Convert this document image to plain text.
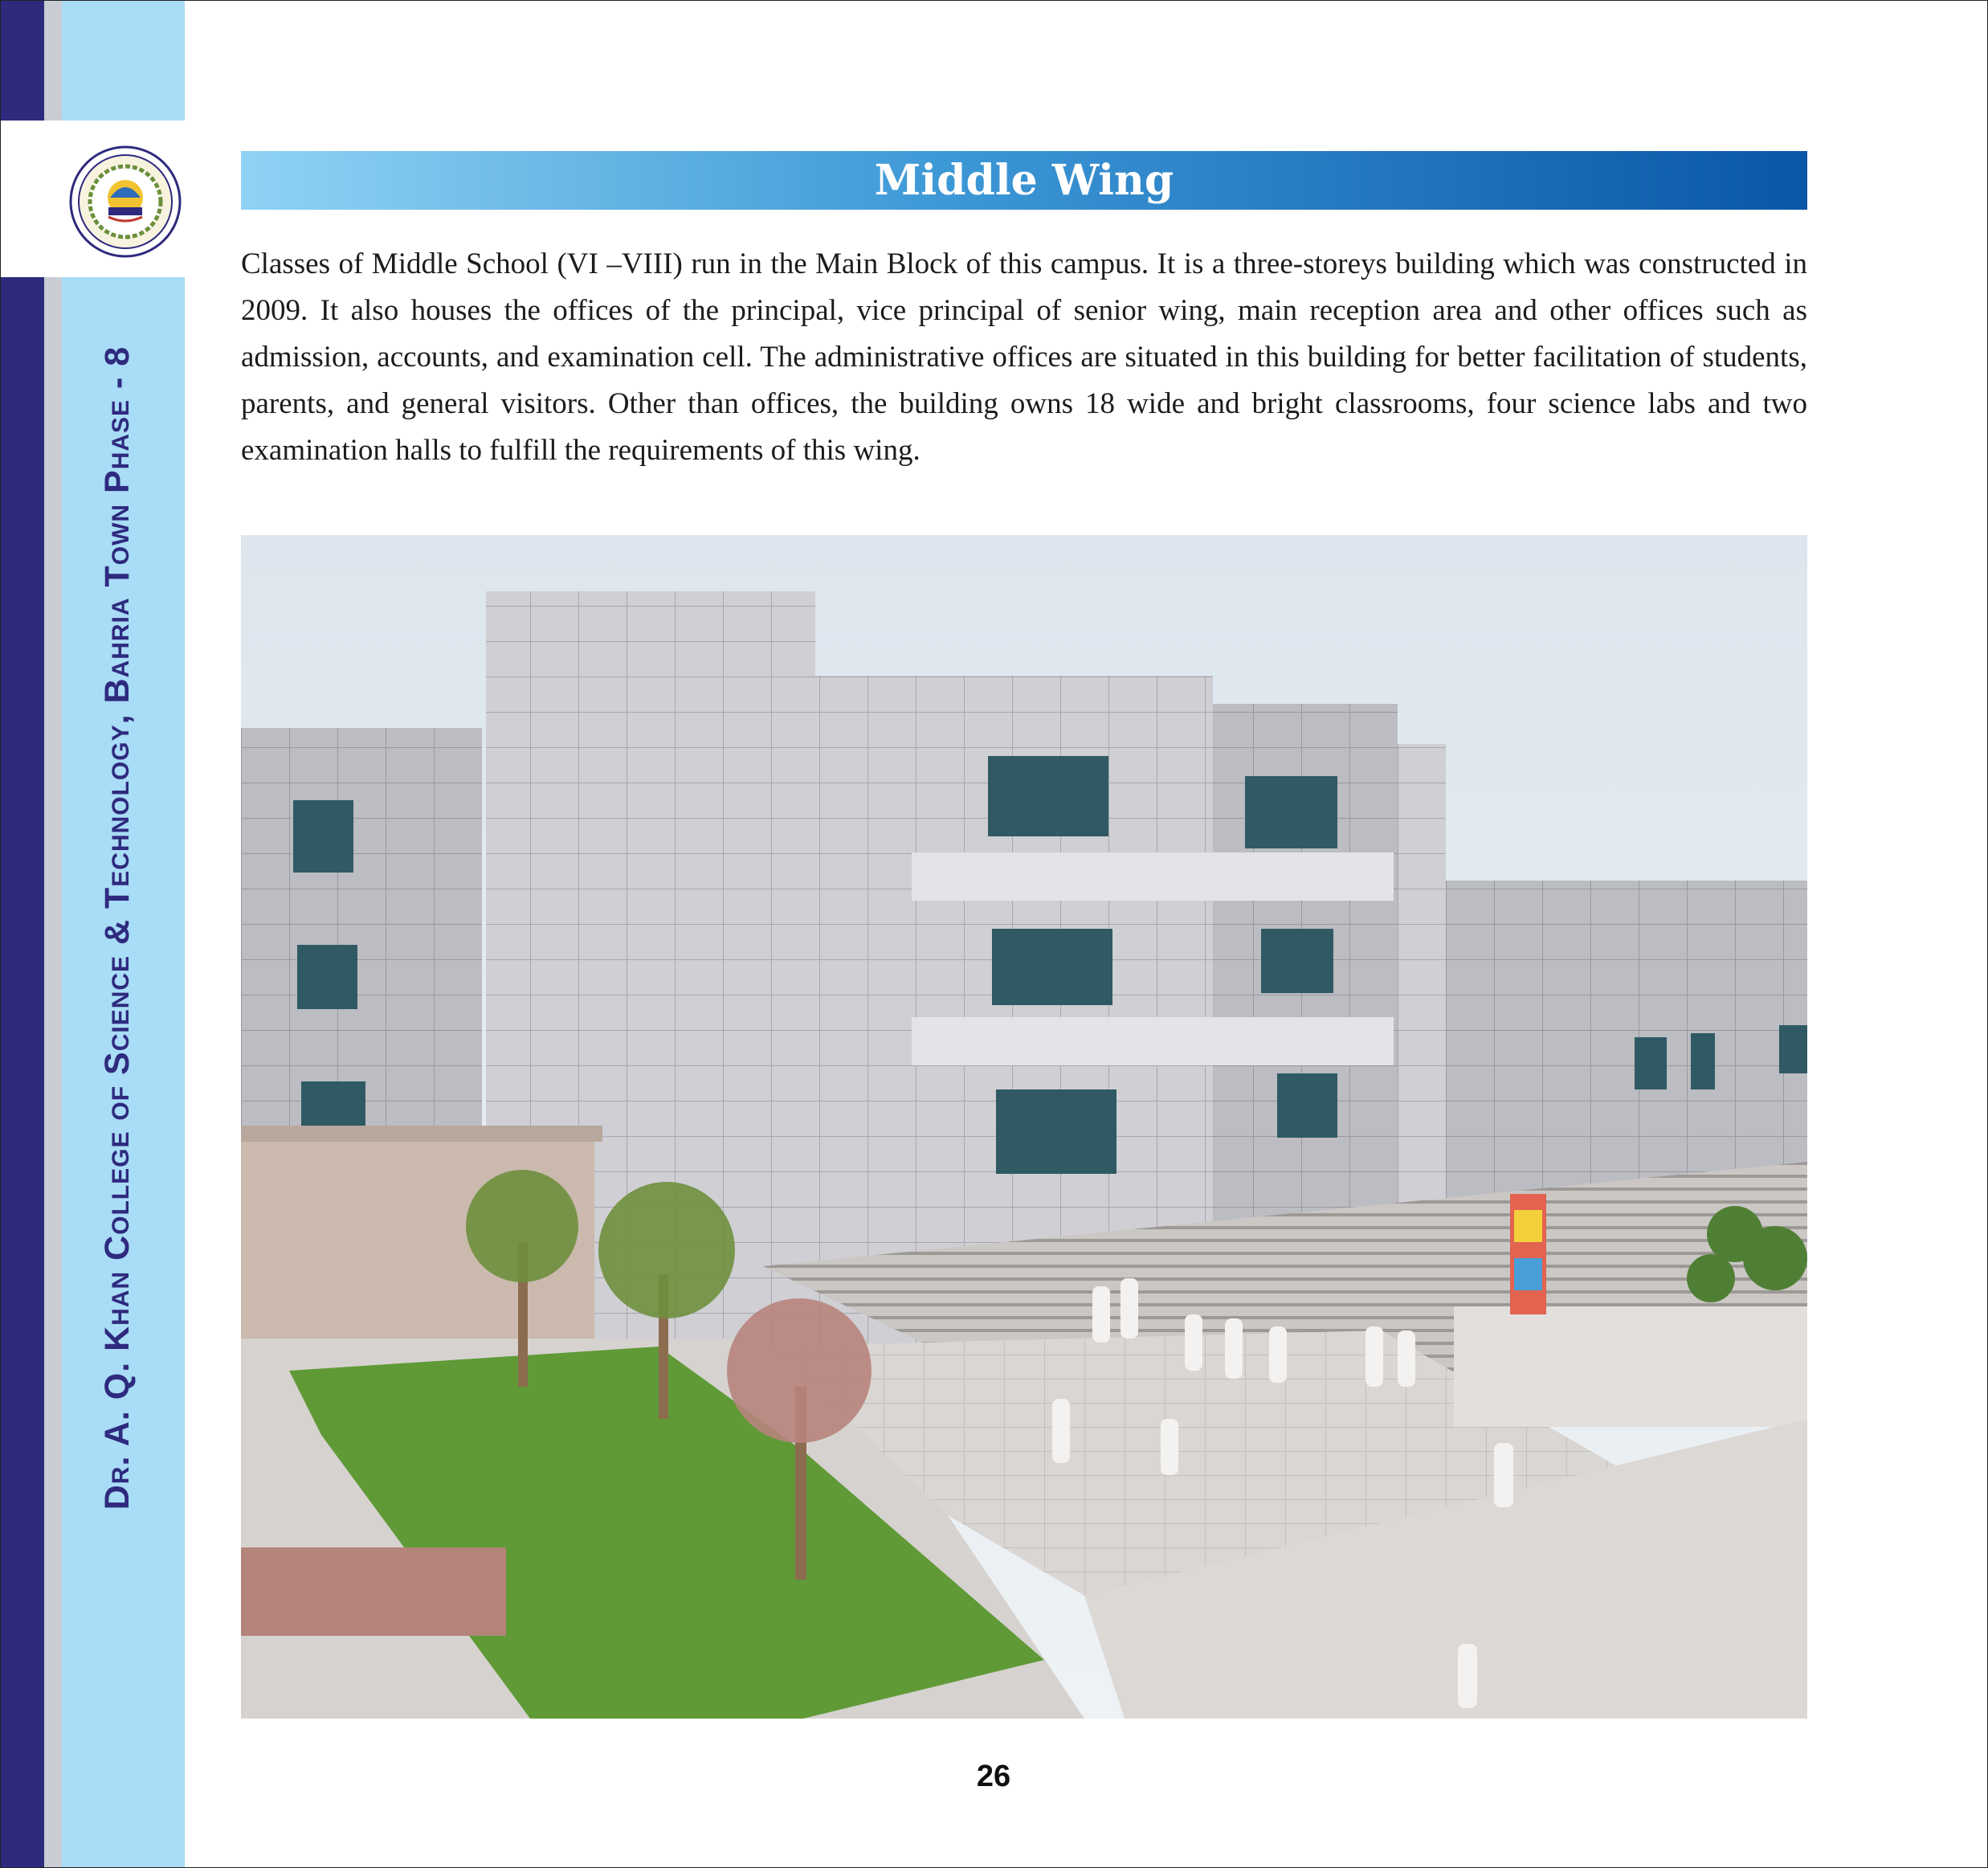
Dr. A. Q. Khan College of Science & Technology, Bahria Town Phase - 8
Middle Wing

Classes of Middle School (VI –VIII) run in the Main Block of this campus. It is a three-storeys building which was constructed in 2009. It also houses the offices of the principal, vice principal of senior wing, main reception area and other offices such as admission, accounts, and examination cell. The administrative offices are situated in this building for better facilitation of students, parents, and general visitors. Other than offices, the building owns 18 wide and bright classrooms, four science labs and two examination halls to fulfill the requirements of this wing.

26
